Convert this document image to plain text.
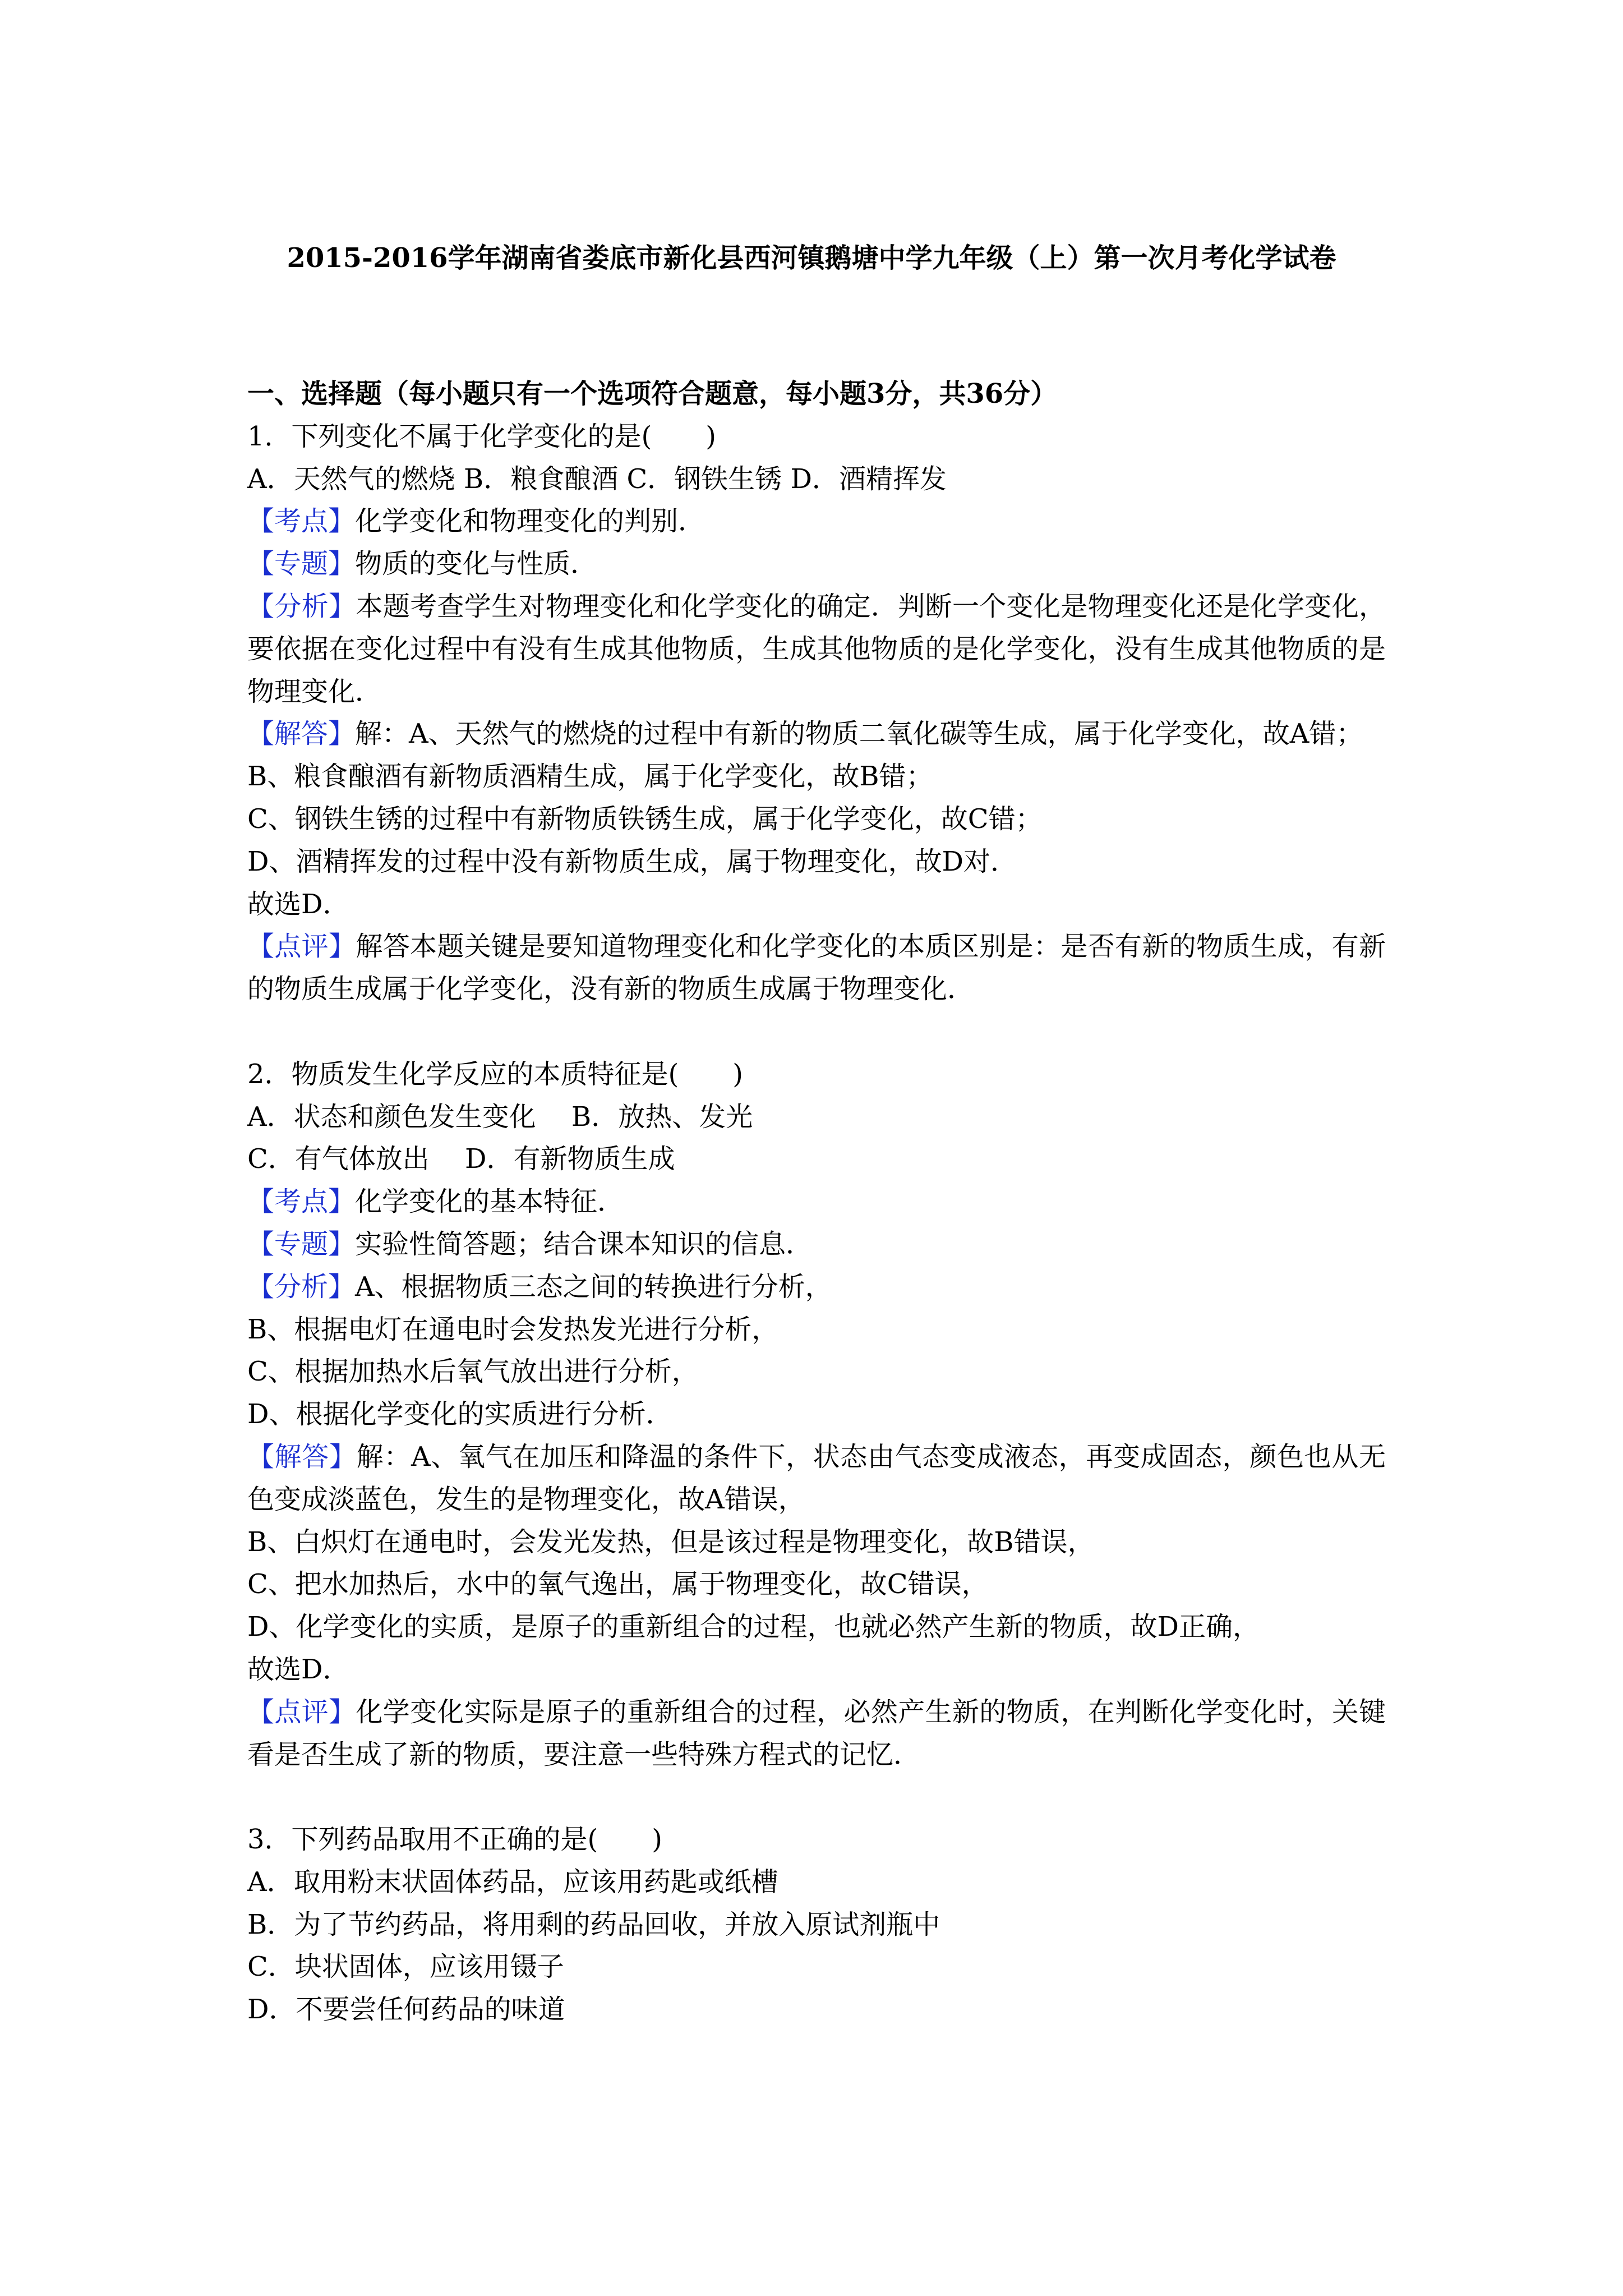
2015-2016学年湖南省娄底市新化县西河镇鹅塘中学九年级（上）第一次月考化学试卷
一、选择题（每小题只有一个选项符合题意，每小题3分，共36分）
1．下列变化不属于化学变化的是(　　)
A．天然气的燃烧 B．粮食酿酒 C．钢铁生锈 D．酒精挥发
【考点】化学变化和物理变化的判别．
【专题】物质的变化与性质．
【分析】本题考查学生对物理变化和化学变化的确定．判断一个变化是物理变化还是化学变化，要依据在变化过程中有没有生成其他物质，生成其他物质的是化学变化，没有生成其他物质的是物理变化．
【解答】解：A、天然气的燃烧的过程中有新的物质二氧化碳等生成，属于化学变化，故A错；
B、粮食酿酒有新物质酒精生成，属于化学变化，故B错；
C、钢铁生锈的过程中有新物质铁锈生成，属于化学变化，故C错；
D、酒精挥发的过程中没有新物质生成，属于物理变化，故D对．
故选D．
【点评】解答本题关键是要知道物理变化和化学变化的本质区别是：是否有新的物质生成，有新的物质生成属于化学变化，没有新的物质生成属于物理变化．
2．物质发生化学反应的本质特征是(　　)
A．状态和颜色发生变化　 B．放热、发光
C．有气体放出　 D．有新物质生成
【考点】化学变化的基本特征．
【专题】实验性简答题；结合课本知识的信息．
【分析】A、根据物质三态之间的转换进行分析，
B、根据电灯在通电时会发热发光进行分析，
C、根据加热水后氧气放出进行分析，
D、根据化学变化的实质进行分析．
【解答】解：A、氧气在加压和降温的条件下，状态由气态变成液态，再变成固态，颜色也从无色变成淡蓝色，发生的是物理变化，故A错误，
B、白炽灯在通电时，会发光发热，但是该过程是物理变化，故B错误，
C、把水加热后，水中的氧气逸出，属于物理变化，故C错误，
D、化学变化的实质，是原子的重新组合的过程，也就必然产生新的物质，故D正确，
故选D．
【点评】化学变化实际是原子的重新组合的过程，必然产生新的物质，在判断化学变化时，关键看是否生成了新的物质，要注意一些特殊方程式的记忆．
3．下列药品取用不正确的是(　　)
A．取用粉末状固体药品，应该用药匙或纸槽
B．为了节约药品，将用剩的药品回收，并放入原试剂瓶中
C．块状固体，应该用镊子
D．不要尝任何药品的味道
